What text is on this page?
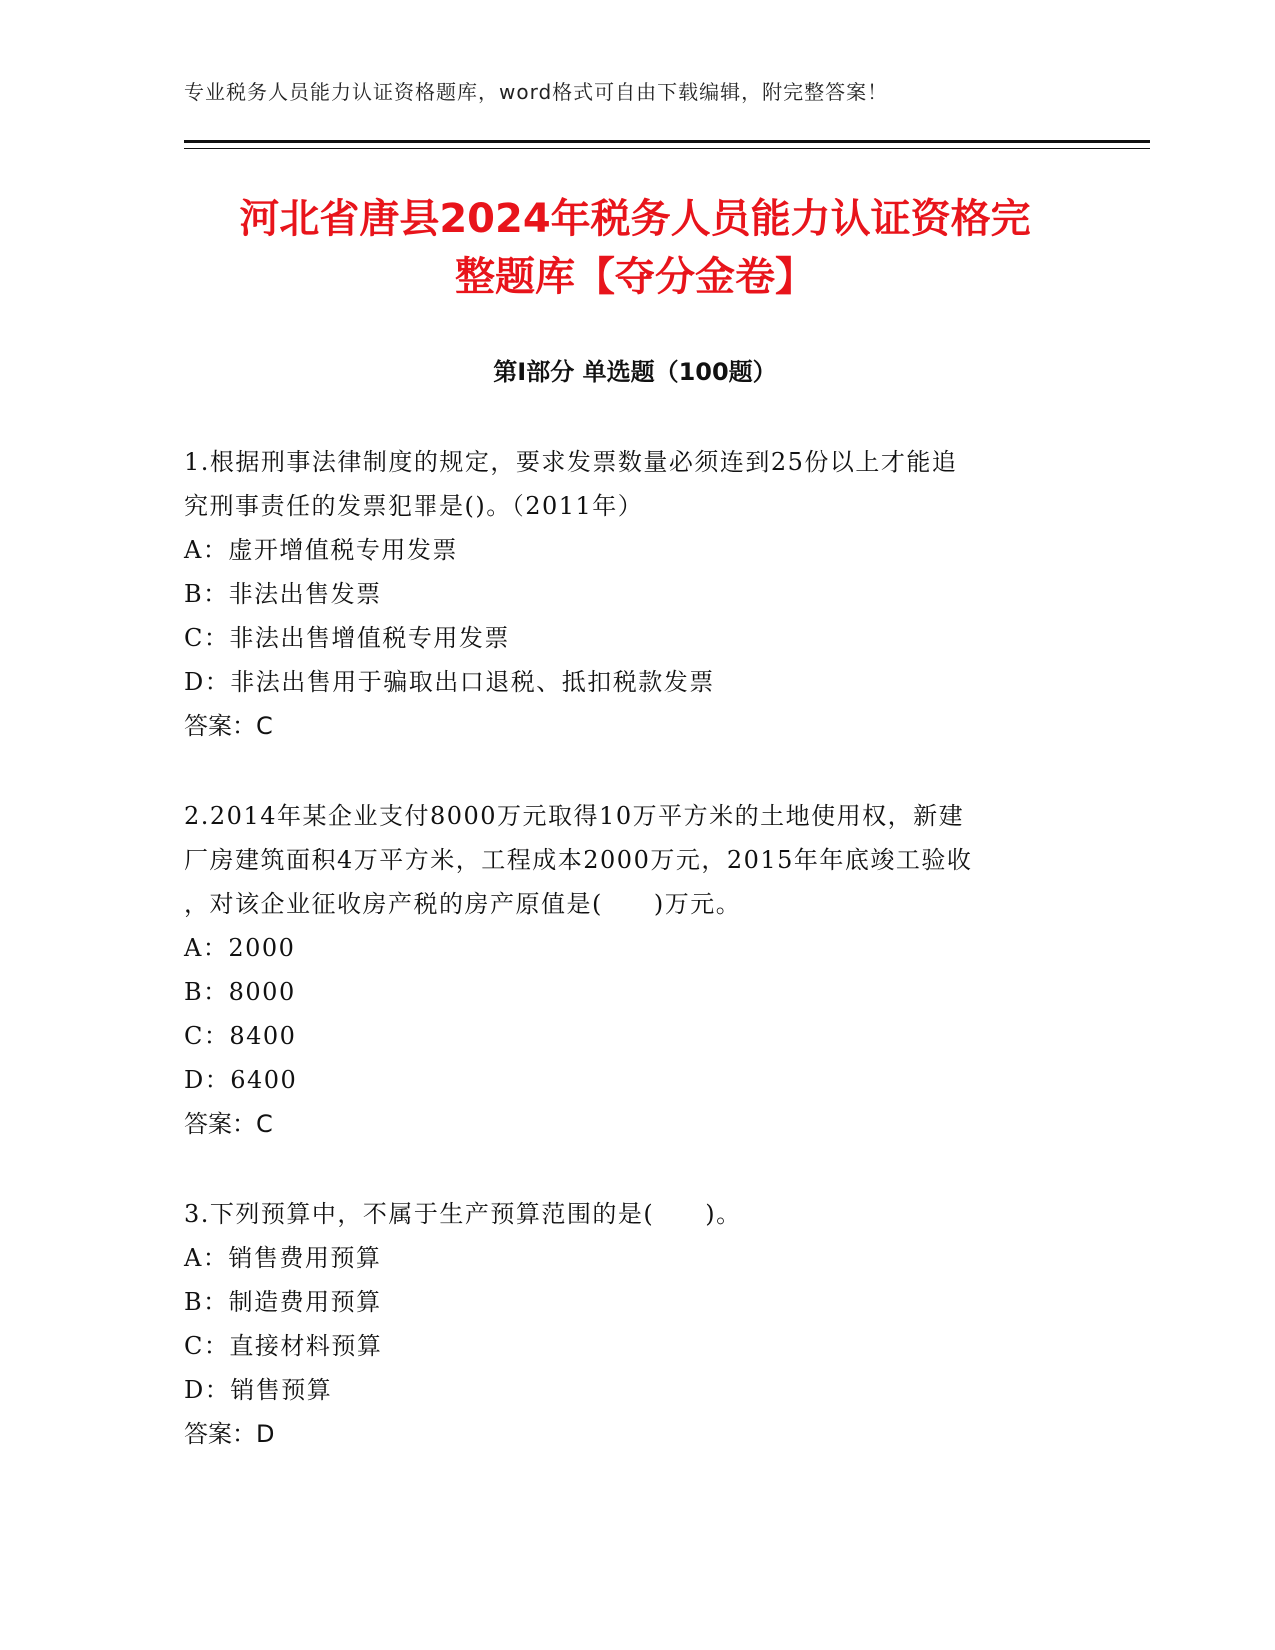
专业税务人员能力认证资格题库，word格式可自由下载编辑，附完整答案！
河北省唐县2024年税务人员能力认证资格完
整题库【夺分金卷】
第Ⅰ部分 单选题（100题）
1.根据刑事法律制度的规定，要求发票数量必须连到25份以上才能追
究刑事责任的发票犯罪是()。（2011年）
A：虚开增值税专用发票
B：非法出售发票
C：非法出售增值税专用发票
D：非法出售用于骗取出口退税、抵扣税款发票
答案：C
2.2014年某企业支付8000万元取得10万平方米的土地使用权，新建
厂房建筑面积4万平方米，工程成本2000万元，2015年年底竣工验收
，对该企业征收房产税的房产原值是(　　)万元。
A：2000
B：8000
C：8400
D：6400
答案：C
3.下列预算中，不属于生产预算范围的是(　　)。
A：销售费用预算
B：制造费用预算
C：直接材料预算
D：销售预算
答案：D
